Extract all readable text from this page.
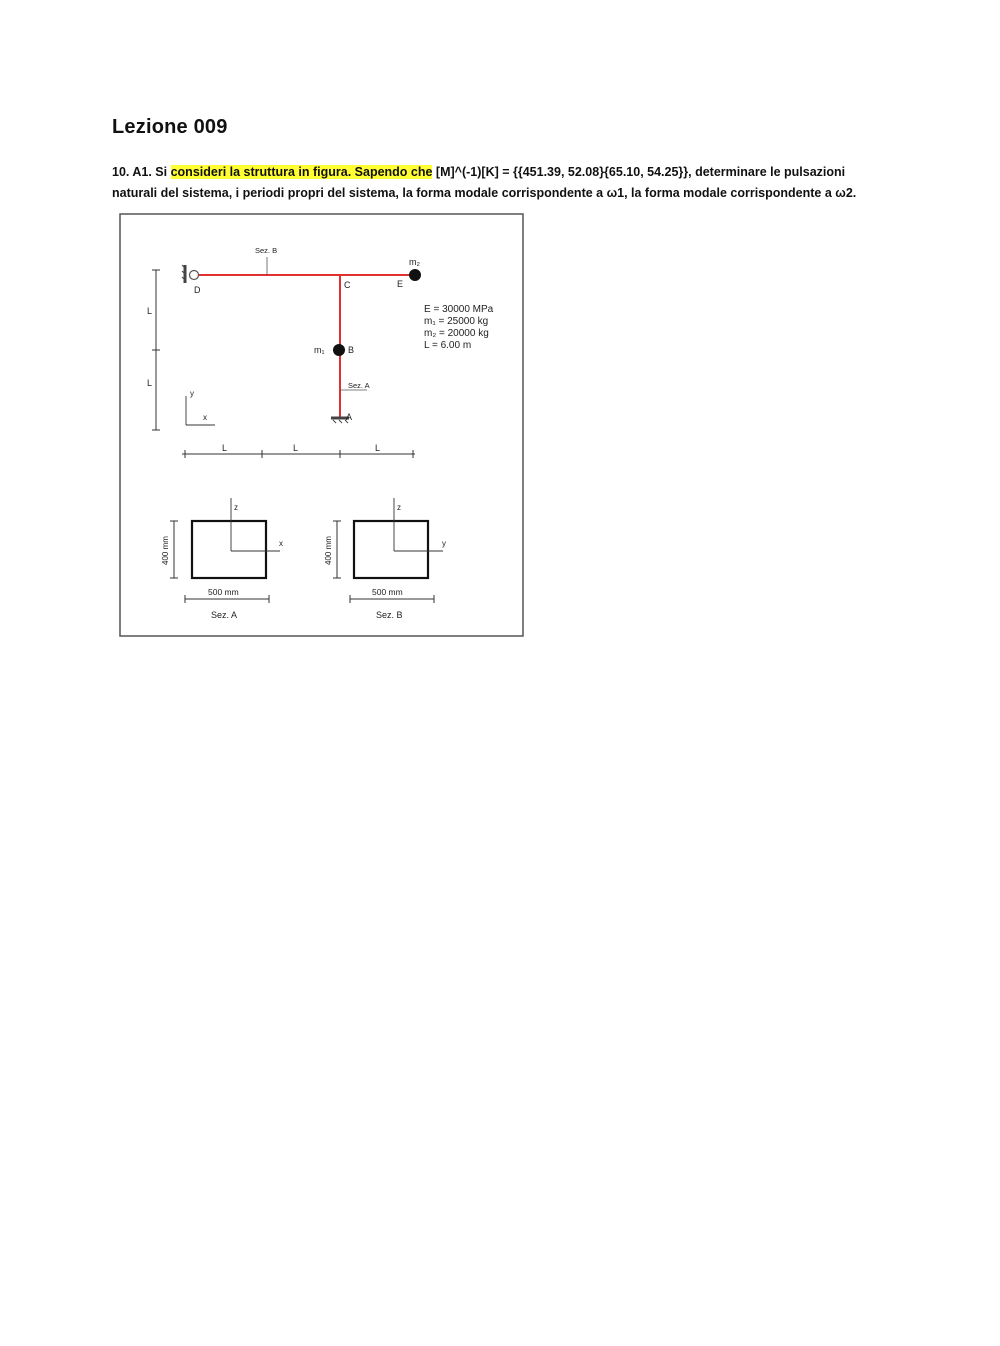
Lezione 009
10. A1. Si consideri la struttura in figura. Sapendo che [M]^(-1)[K] = {{451.39, 52.08}{65.10, 54.25}}, determinare le pulsazioni
naturali del sistema, i periodi propri del sistema, la forma modale corrispondente a ω1, la forma modale corrispondente a ω2.
Sez. B
Sez. A
D	C	E
B
A
m₁
m₂
L
L
L	L	L
y
x
E = 30000 MPa
m₁ = 25000 kg
m₂ = 20000 kg
L = 6.00 m
z
x
400 mm
500 mm
Sez. A
z
y
400 mm
500 mm
Sez. B
